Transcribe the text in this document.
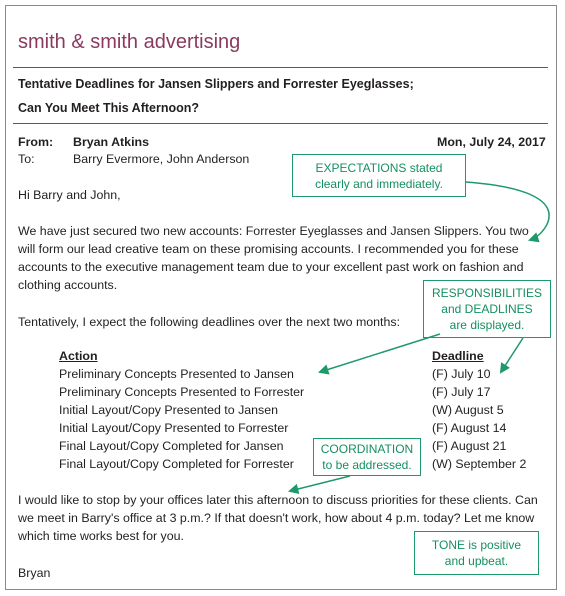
smith & smith advertising
Tentative Deadlines for Jansen Slippers and Forrester Eyeglasses;
Can You Meet This Afternoon?
From: Bryan Atkins	Mon, July 24, 2017
To:	Barry Evermore, John Anderson
Hi Barry and John,
We have just secured two new accounts: Forrester Eyeglasses and Jansen Slippers. You two
will form our lead creative team on these promising accounts. I recommended you for these
accounts to the executive management team due to your excellent past work on fashion and
clothing accounts.
Tentatively, I expect the following deadlines over the next two months:
Action	Deadline
Preliminary Concepts Presented to Jansen	(F) July 10
Preliminary Concepts Presented to Forrester	(F) July 17
Initial Layout/Copy Presented to Jansen	(W) August 5
Initial Layout/Copy Presented to Forrester	(F) August 14
Final Layout/Copy Completed for Jansen	(F) August 21
Final Layout/Copy Completed for Forrester	(W) September 2
I would like to stop by your offices later this afternoon to discuss priorities for these clients. Can
we meet in Barry's office at 3 p.m.? If that doesn't work, how about 4 p.m. today? Let me know
which time works best for you.
Bryan
EXPECTATIONS stated
clearly and immediately.
RESPONSIBILITIES
and DEADLINES
are displayed.
COORDINATION
to be addressed.
TONE is positive
and upbeat.
